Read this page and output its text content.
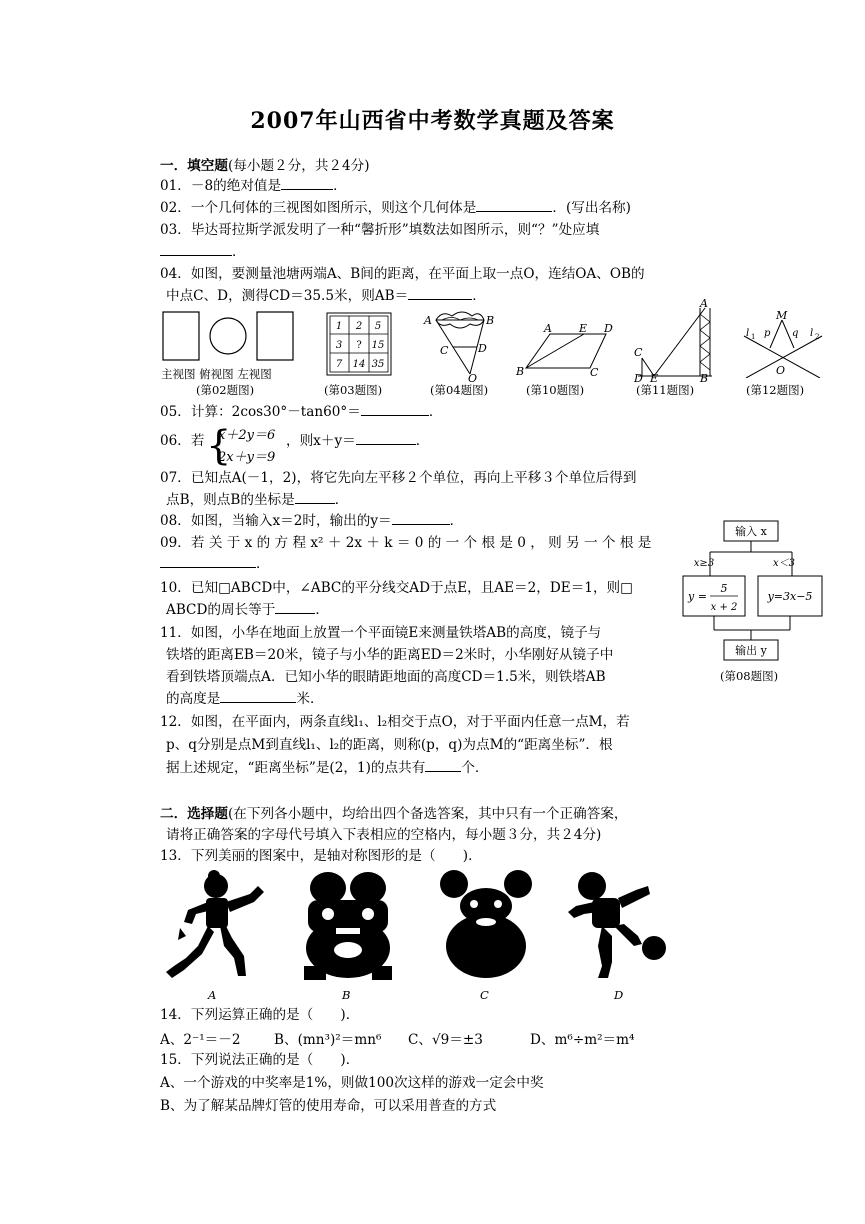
2007年山西省中考数学真题及答案
一．填空题(每小题２分，共２4分)
01．－8的绝对值是	．
02．一个几何体的三视图如图所示，则这个几何体是	．(写出名称)
03．毕达哥拉斯学派发明了一种“馨折形”填数法如图所示，则“？”处应填
．
04．如图，要测量池塘两端A、B间的距离，在平面上取一点O，连结OA、OB的
中点C、D，测得CD＝35.5米，则AB＝	．
主视图 俯视图 左视图
(第02题图)
1 2 5
3 ? 15
7 14 35
(第03题图)
A	B
C	D
O
(第04题图)
A E D
B	C
(第10题图)
A
C
D E	B
(第11题图)
M
p q
l 1	l 2
O
(第12题图)
05．计算：2cos30°－tan60°＝	．
06．若 {
x＋2y＝6
2x＋y＝9
，则x＋y＝	．
07．已知点A(－1，2)，将它先向左平移２个单位，再向上平移３个单位后得到
点B，则点B的坐标是	．
08．如图，当输入x＝2时，输出的y＝	．
09．若 关 于 x 的 方 程 x² ＋ 2x ＋ k ＝ 0 的 一 个 根 是 0 ， 则 另 一 个 根 是
．
10．已知□ABCD中，∠ABC的平分线交AD于点E，且AE＝2，DE＝1，则□
ABCD的周长等于	．
11．如图，小华在地面上放置一个平面镜E来测量铁塔AB的高度，镜子与
铁塔的距离EB＝20米，镜子与小华的距离ED＝2米时，小华刚好从镜子中
看到铁塔顶端点A．已知小华的眼睛距地面的高度CD＝1.5米，则铁塔AB
的高度是	米．
12．如图，在平面内，两条直线l₁、l₂相交于点O，对于平面内任意一点M，若
p、q分别是点M到直线l₁、l₂的距离，则称(p，q)为点M的“距离坐标”．根
据上述规定，“距离坐标”是(2，1)的点共有	个．
输入 x
x≥3	x＜3
y =
5
x + 2
y=3x−5
输出 y
(第08题图)
二．选择题(在下列各小题中，均给出四个备选答案，其中只有一个正确答案，
请将正确答案的字母代号填入下表相应的空格内，每小题３分，共２4分)
13．下列美丽的图案中，是轴对称图形的是（　　)．
A	B	C	D
14．下列运算正确的是（　　)．
A、2⁻¹＝－2 B、(mn³)²＝mn⁶ C、√9＝±3	D、m⁶÷m²＝m⁴
15．下列说法正确的是（　　)．
A、一个游戏的中奖率是1%，则做100次这样的游戏一定会中奖
B、为了解某品牌灯管的使用寿命，可以采用普查的方式
